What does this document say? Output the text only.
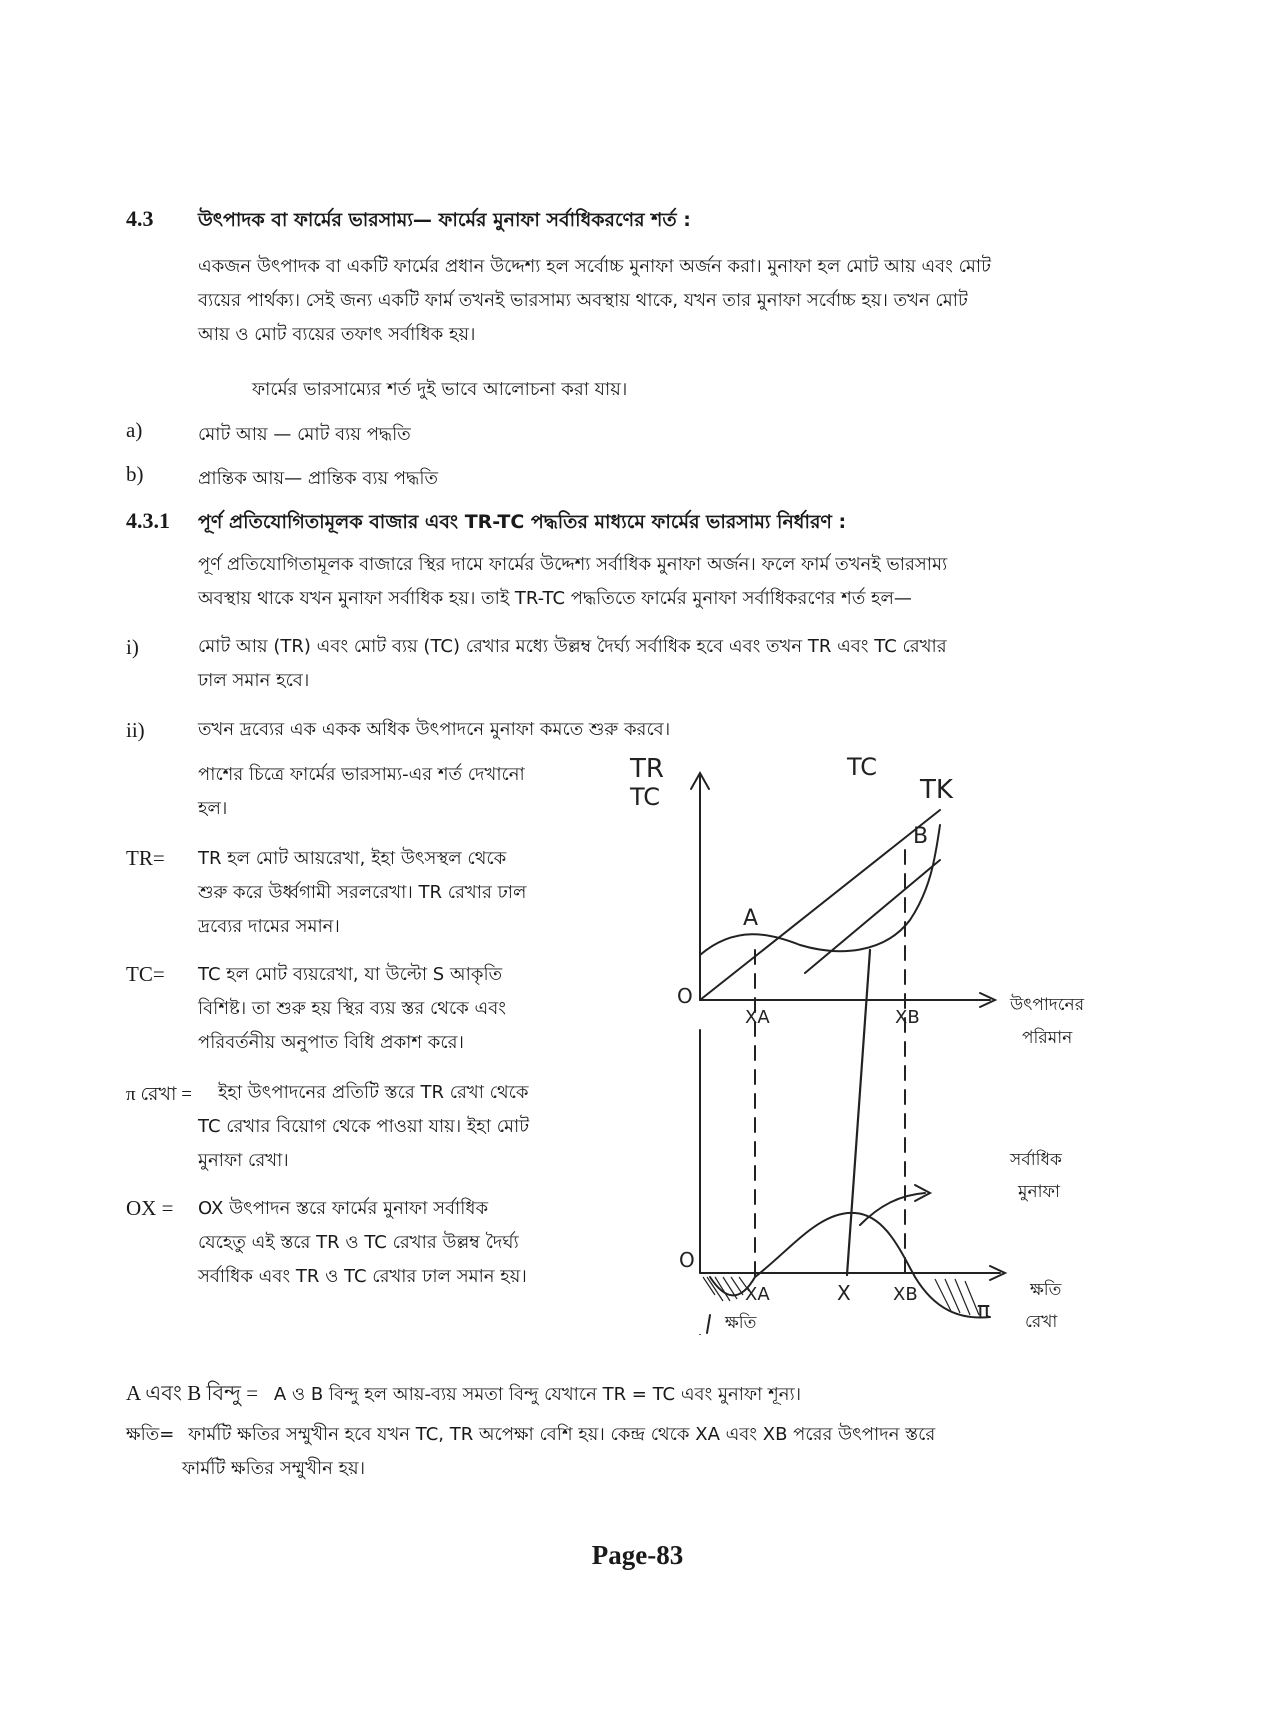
4.3 উৎপাদক বা ফার্মের ভারসাম্য— ফার্মের মুনাফা সর্বাধিকরণের শর্ত :

একজন উৎপাদক বা একটি ফার্মের প্রধান উদ্দেশ্য হল সর্বোচ্চ মুনাফা অর্জন করা। মুনাফা হল মোট আয় এবং মোট

ব্যয়ের পার্থক্য। সেই জন্য একটি ফার্ম তখনই ভারসাম্য অবস্থায় থাকে, যখন তার মুনাফা সর্বোচ্চ হয়। তখন মোট

আয় ও মোট ব্যয়ের তফাৎ সর্বাধিক হয়।

ফার্মের ভারসাম্যের শর্ত দুই ভাবে আলোচনা করা যায়।
a)	মোট আয় — মোট ব্যয় পদ্ধতি
b)	প্রান্তিক আয়— প্রান্তিক ব্যয় পদ্ধতি
4.3.1 পূর্ণ প্রতিযোগিতামূলক বাজার এবং TR-TC পদ্ধতির মাধ্যমে ফার্মের ভারসাম্য নির্ধারণ :

পূর্ণ প্রতিযোগিতামূলক বাজারে স্থির দামে ফার্মের উদ্দেশ্য সর্বাধিক মুনাফা অর্জন। ফলে ফার্ম তখনই ভারসাম্য

অবস্থায় থাকে যখন মুনাফা সর্বাধিক হয়। তাই TR-TC পদ্ধতিতে ফার্মের মুনাফা সর্বাধিকরণের শর্ত হল—

i)	মোট আয় (TR) এবং মোট ব্যয় (TC) রেখার মধ্যে উল্লম্ব দৈর্ঘ্য সর্বাধিক হবে এবং তখন TR এবং TC রেখার

ঢাল সমান হবে।

ii)	তখন দ্রব্যের এক একক অধিক উৎপাদনে মুনাফা কমতে শুরু করবে।

পাশের চিত্রে ফার্মের ভারসাম্য-এর শর্ত দেখানো

হল।

TR= TR হল মোট আয়রেখা, ইহা উৎসস্থল থেকে

শুরু করে উর্ধ্বগামী সরলরেখা। TR রেখার ঢাল

দ্রব্যের দামের সমান।

TC= TC হল মোট ব্যয়রেখা, যা উল্টো S আকৃতি

বিশিষ্ট। তা শুরু হয় স্থির ব্যয় স্তর থেকে এবং

পরিবর্তনীয় অনুপাত বিধি প্রকাশ করে।

π রেখা =	ইহা উৎপাদনের প্রতিটি স্তরে TR রেখা থেকে

TC রেখার বিয়োগ থেকে পাওয়া যায়। ইহা মোট

মুনাফা রেখা।

OX = OX উৎপাদন স্তরে ফার্মের মুনাফা সর্বাধিক

যেহেতু এই স্তরে TR ও TC রেখার উল্লম্ব দৈর্ঘ্য

সর্বাধিক এবং TR ও TC রেখার ঢাল সমান হয়।

TR
TC
TC
TK
A
B
O
XA	XB
উৎপাদনের
পরিমান
সর্বাধিক
মুনাফা
O
XA	X XB
π
ক্ষতি
ক্ষতি
রেখা
A এবং B বিন্দু = A ও B বিন্দু হল আয়-ব্যয় সমতা বিন্দু যেখানে TR = TC এবং মুনাফা শূন্য।

ক্ষতি= ফার্মটি ক্ষতির সম্মুখীন হবে যখন TC, TR অপেক্ষা বেশি হয়। কেন্দ্র থেকে XA এবং XB পরের উৎপাদন স্তরে

ফার্মটি ক্ষতির সম্মুখীন হয়।

Page-83
